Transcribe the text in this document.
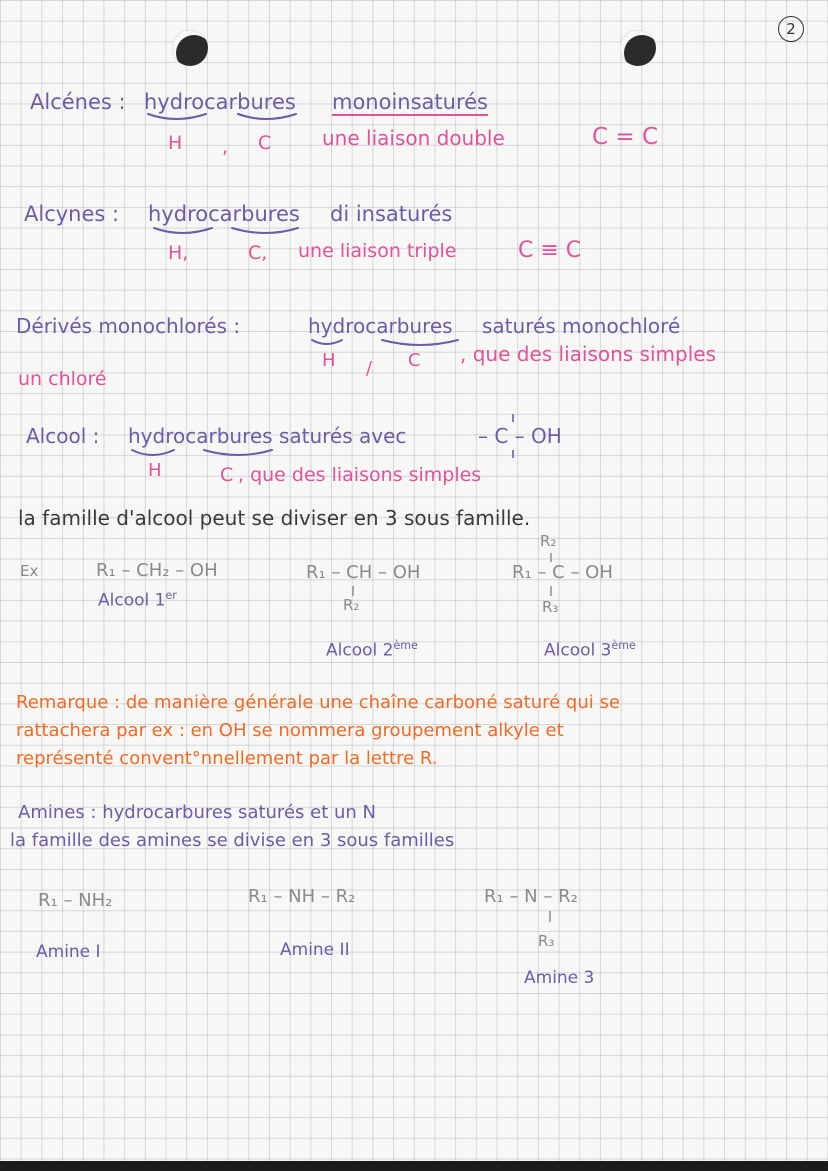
2
Alcénes : hydrocarbures monoinsaturés
H , C	une liaison double	C = C
Alcynes : hydrocarbures di insaturés
H,	C, une liaison triple	C ≡ C
Dérivés monochlorés :	hydrocarbures saturés monochloré
H / C , que des liaisons simples
un chloré
Alcool : hydrocarbures saturés avec	– C – OH
H	C , que des liaisons simples
la famille d'alcool peut se diviser en 3 sous famille.
Ex	R₁ – CH₂ – OH
Alcool 1er
R₁ – CH – OH
R₂
Alcool 2ème
R₂
R₁ – C – OH
R₃
Alcool 3ème
Remarque : de manière générale une chaîne carboné saturé qui se
rattachera par ex : en OH se nommera groupement alkyle et
représenté convent°nnellement par la lettre R.
Amines : hydrocarbures saturés et un N
la famille des amines se divise en 3 sous familles
R₁ – NH₂
Amine I
R₁ – NH – R₂
Amine II
R₁ – N – R₂
R₃
Amine 3
